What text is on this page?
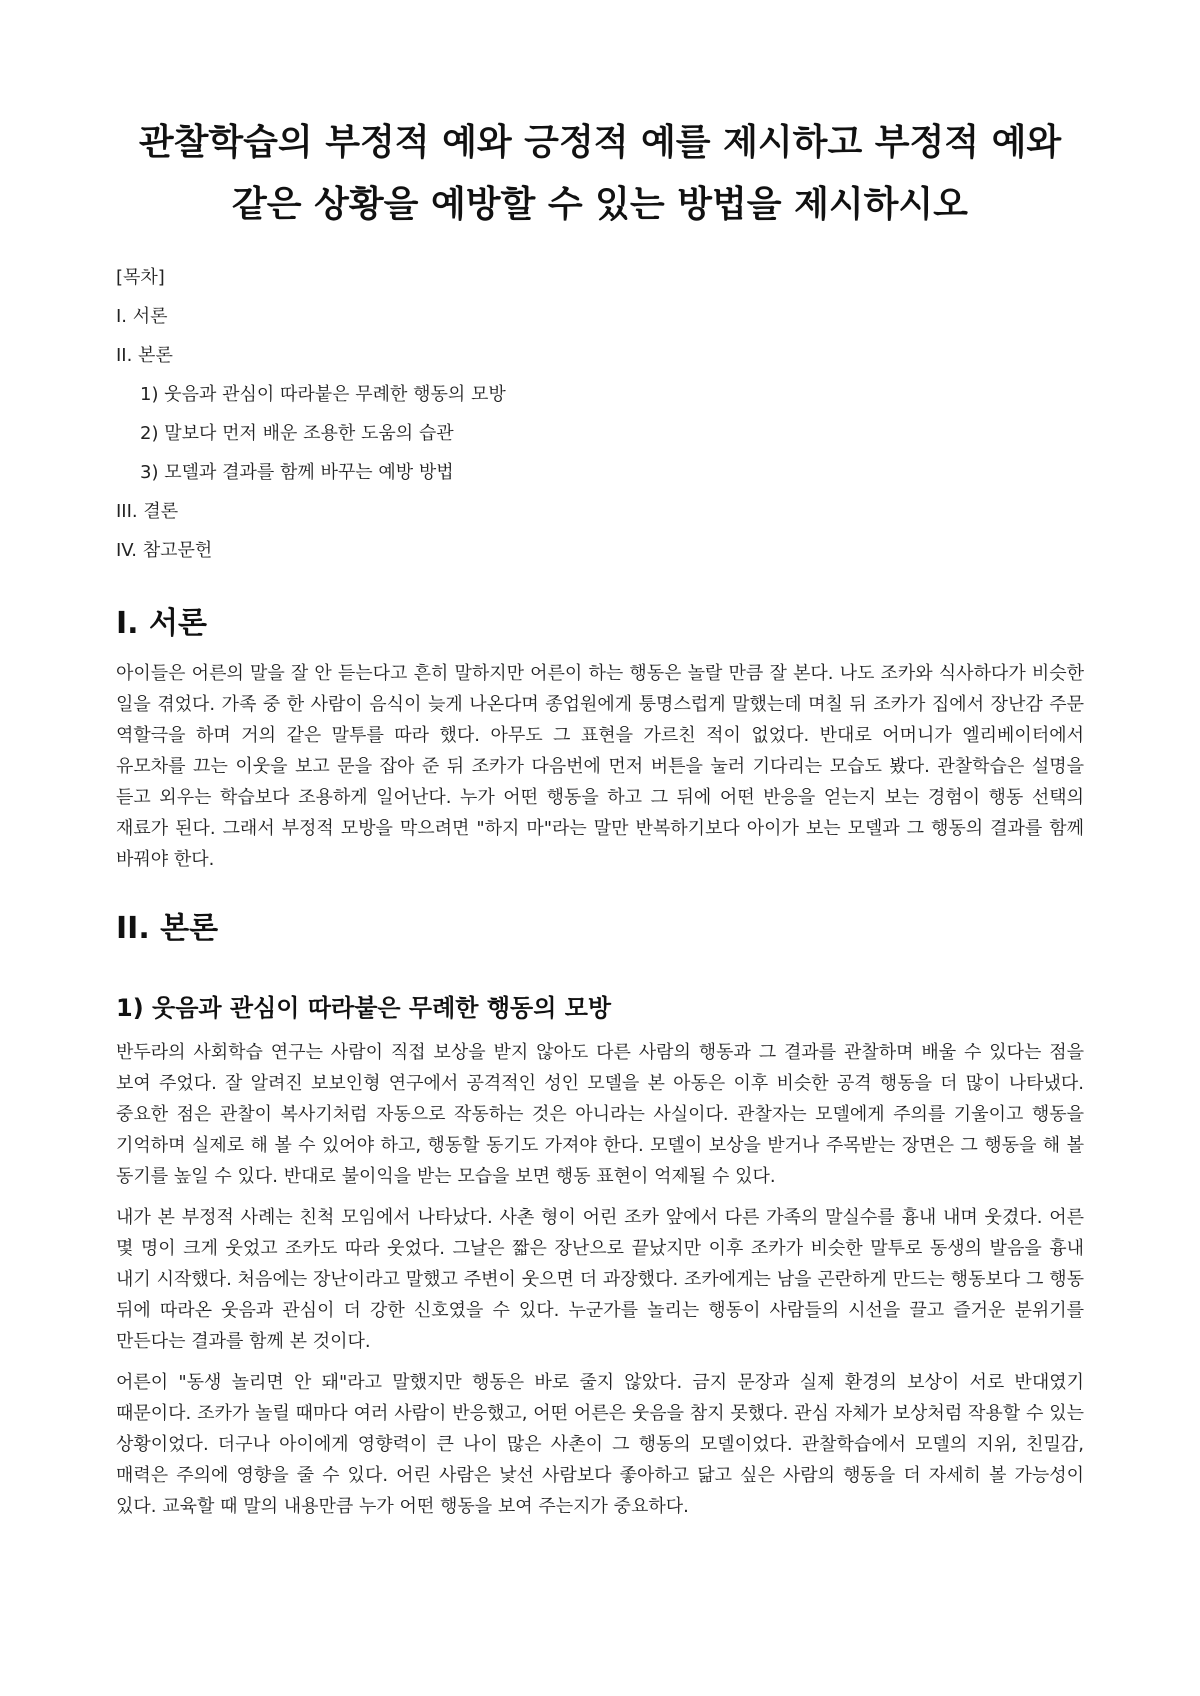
관찰학습의 부정적 예와 긍정적 예를 제시하고 부정적 예와 같은 상황을 예방할 수 있는 방법을 제시하시오
[목차]
I. 서론
II. 본론
1) 웃음과 관심이 따라붙은 무례한 행동의 모방
2) 말보다 먼저 배운 조용한 도움의 습관
3) 모델과 결과를 함께 바꾸는 예방 방법
III. 결론
IV. 참고문헌
I. 서론

아이들은 어른의 말을 잘 안 듣는다고 흔히 말하지만 어른이 하는 행동은 놀랄 만큼 잘 본다. 나도 조카와 식사하다가 비슷한 일을 겪었다. 가족 중 한 사람이 음식이 늦게 나온다며 종업원에게 퉁명스럽게 말했는데 며칠 뒤 조카가 집에서 장난감 주문 역할극을 하며 거의 같은 말투를 따라 했다. 아무도 그 표현을 가르친 적이 없었다. 반대로 어머니가 엘리베이터에서 유모차를 끄는 이웃을 보고 문을 잡아 준 뒤 조카가 다음번에 먼저 버튼을 눌러 기다리는 모습도 봤다. 관찰학습은 설명을 듣고 외우는 학습보다 조용하게 일어난다. 누가 어떤 행동을 하고 그 뒤에 어떤 반응을 얻는지 보는 경험이 행동 선택의 재료가 된다. 그래서 부정적 모방을 막으려면 "하지 마"라는 말만 반복하기보다 아이가 보는 모델과 그 행동의 결과를 함께 바꿔야 한다.

II. 본론
1) 웃음과 관심이 따라붙은 무례한 행동의 모방

반두라의 사회학습 연구는 사람이 직접 보상을 받지 않아도 다른 사람의 행동과 그 결과를 관찰하며 배울 수 있다는 점을 보여 주었다. 잘 알려진 보보인형 연구에서 공격적인 성인 모델을 본 아동은 이후 비슷한 공격 행동을 더 많이 나타냈다. 중요한 점은 관찰이 복사기처럼 자동으로 작동하는 것은 아니라는 사실이다. 관찰자는 모델에게 주의를 기울이고 행동을 기억하며 실제로 해 볼 수 있어야 하고, 행동할 동기도 가져야 한다. 모델이 보상을 받거나 주목받는 장면은 그 행동을 해 볼 동기를 높일 수 있다. 반대로 불이익을 받는 모습을 보면 행동 표현이 억제될 수 있다.

내가 본 부정적 사례는 친척 모임에서 나타났다. 사촌 형이 어린 조카 앞에서 다른 가족의 말실수를 흉내 내며 웃겼다. 어른 몇 명이 크게 웃었고 조카도 따라 웃었다. 그날은 짧은 장난으로 끝났지만 이후 조카가 비슷한 말투로 동생의 발음을 흉내 내기 시작했다. 처음에는 장난이라고 말했고 주변이 웃으면 더 과장했다. 조카에게는 남을 곤란하게 만드는 행동보다 그 행동 뒤에 따라온 웃음과 관심이 더 강한 신호였을 수 있다. 누군가를 놀리는 행동이 사람들의 시선을 끌고 즐거운 분위기를 만든다는 결과를 함께 본 것이다.

어른이 "동생 놀리면 안 돼"라고 말했지만 행동은 바로 줄지 않았다. 금지 문장과 실제 환경의 보상이 서로 반대였기 때문이다. 조카가 놀릴 때마다 여러 사람이 반응했고, 어떤 어른은 웃음을 참지 못했다. 관심 자체가 보상처럼 작용할 수 있는 상황이었다. 더구나 아이에게 영향력이 큰 나이 많은 사촌이 그 행동의 모델이었다. 관찰학습에서 모델의 지위, 친밀감, 매력은 주의에 영향을 줄 수 있다. 어린 사람은 낯선 사람보다 좋아하고 닮고 싶은 사람의 행동을 더 자세히 볼 가능성이 있다. 교육할 때 말의 내용만큼 누가 어떤 행동을 보여 주는지가 중요하다.
